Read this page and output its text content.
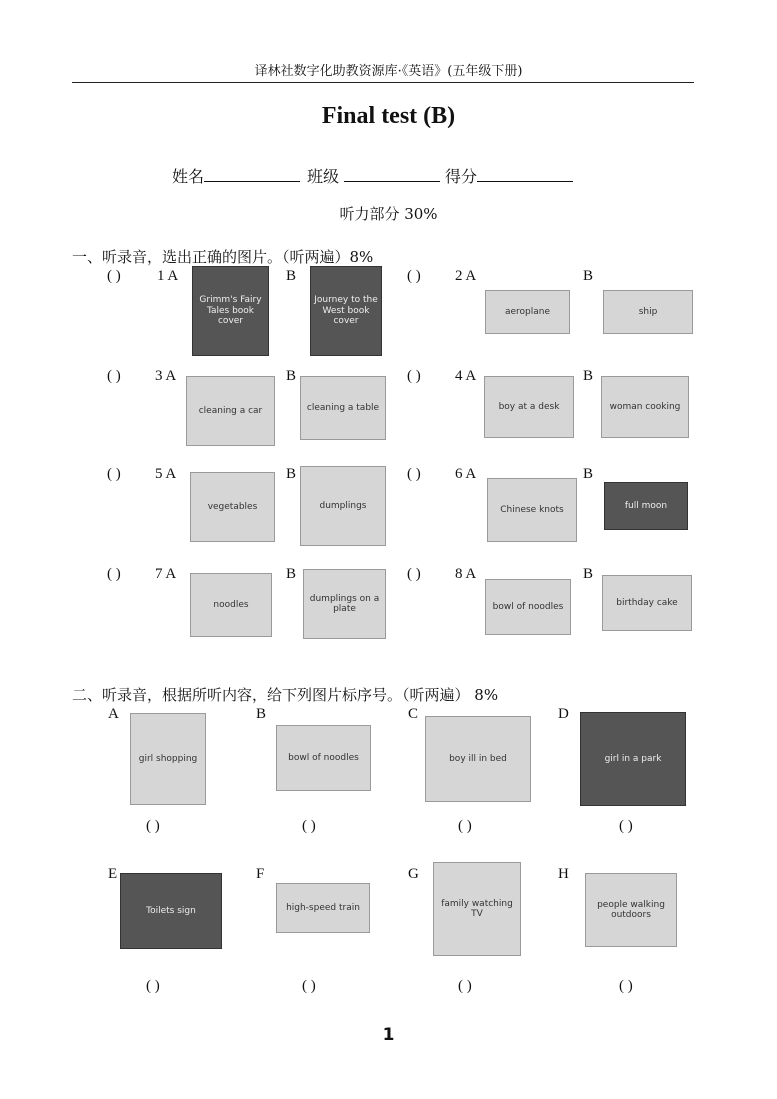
译林社数字化助教资源库·《英语》(五年级下册)
Final test (B)
姓名	班级	得分
听力部分 30%
一、听录音，选出正确的图片。（听两遍）8%
( ) 1 A
Grimm's Fairy Tales book cover
B
Journey to the West book cover
( ) 2 A
aeroplane
B
ship
( ) 3 A
cleaning a car
B
cleaning a table
( ) 4 A
boy at a desk
B
woman cooking
( ) 5 A
vegetables
B
dumplings
( ) 6 A
Chinese knots
B
full moon
( ) 7 A
noodles
B
dumplings on a plate
( ) 8 A
bowl of noodles
B
birthday cake
二、听录音，根据所听内容，给下列图片标序号。（听两遍） 8%
A
girl shopping
( )
B
bowl of noodles
( )
C
boy ill in bed
( )
D
girl in a park
( )
E
Toilets sign
( )
F
high-speed train
( )
G
family watching TV
( )
H
people walking outdoors
( )
1
